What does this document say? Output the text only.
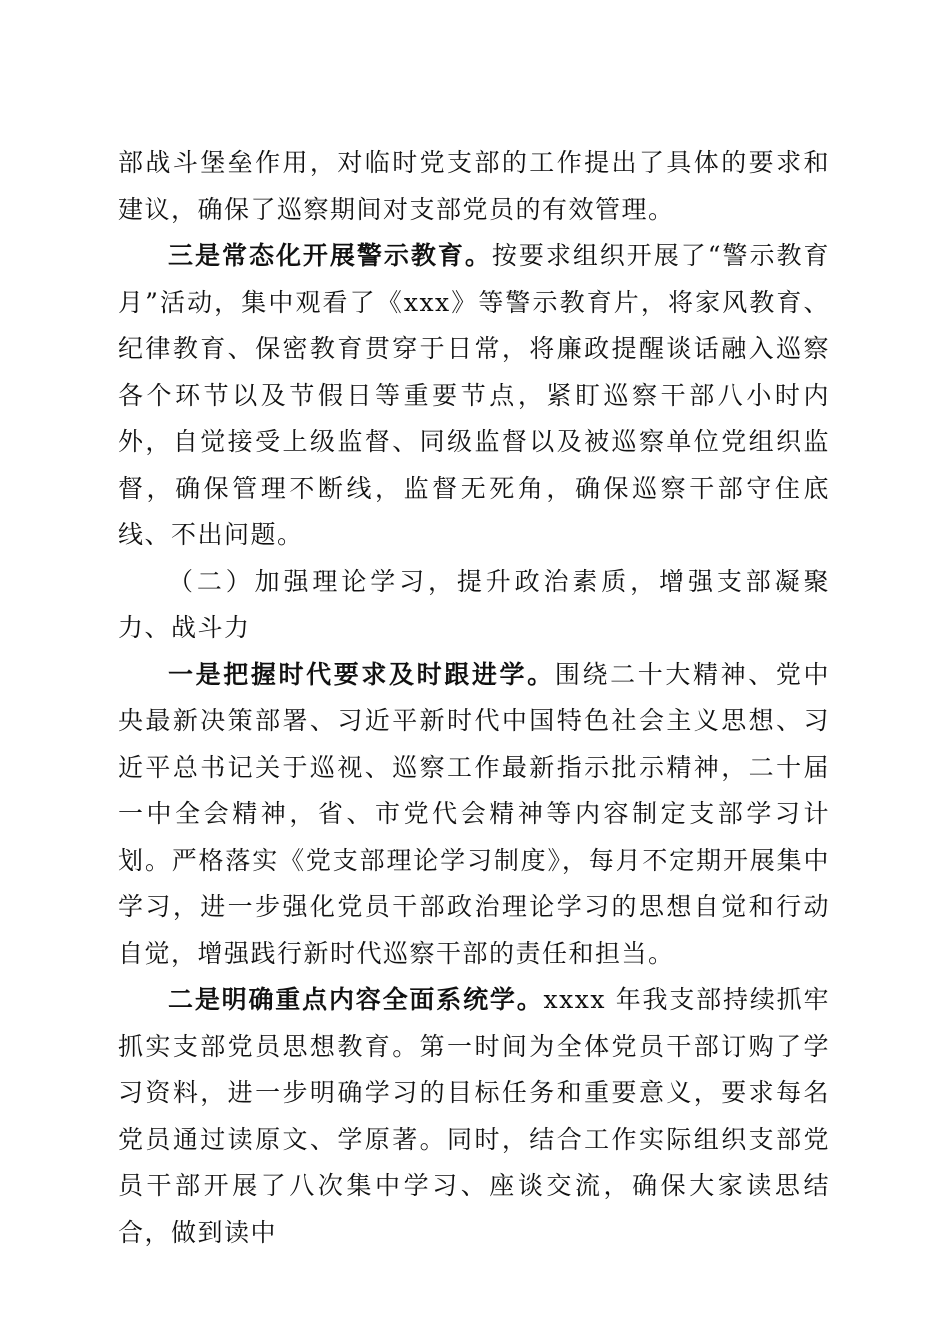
部战斗堡垒作用，对临时党支部的工作提出了具体的要求和建议，确保了巡察期间对支部党员的有效管理。

三是常态化开展警示教育。按要求组织开展了“警示教育月”活动，集中观看了《xxx》等警示教育片，将家风教育、纪律教育、保密教育贯穿于日常，将廉政提醒谈话融入巡察各个环节以及节假日等重要节点，紧盯巡察干部八小时内外，自觉接受上级监督、同级监督以及被巡察单位党组织监督，确保管理不断线，监督无死角，确保巡察干部守住底线、不出问题。

（二）加强理论学习，提升政治素质，增强支部凝聚力、战斗力

一是把握时代要求及时跟进学。围绕二十大精神、党中央最新决策部署、习近平新时代中国特色社会主义思想、习近平总书记关于巡视、巡察工作最新指示批示精神，二十届一中全会精神，省、市党代会精神等内容制定支部学习计划。严格落实《党支部理论学习制度》，每月不定期开展集中学习，进一步强化党员干部政治理论学习的思想自觉和行动自觉，增强践行新时代巡察干部的责任和担当。

二是明确重点内容全面系统学。xxxx 年我支部持续抓牢抓实支部党员思想教育。第一时间为全体党员干部订购了学习资料，进一步明确学习的目标任务和重要意义，要求每名党员通过读原文、学原著。同时，结合工作实际组织支部党员干部开展了八次集中学习、座谈交流，确保大家读思结合，做到读中
